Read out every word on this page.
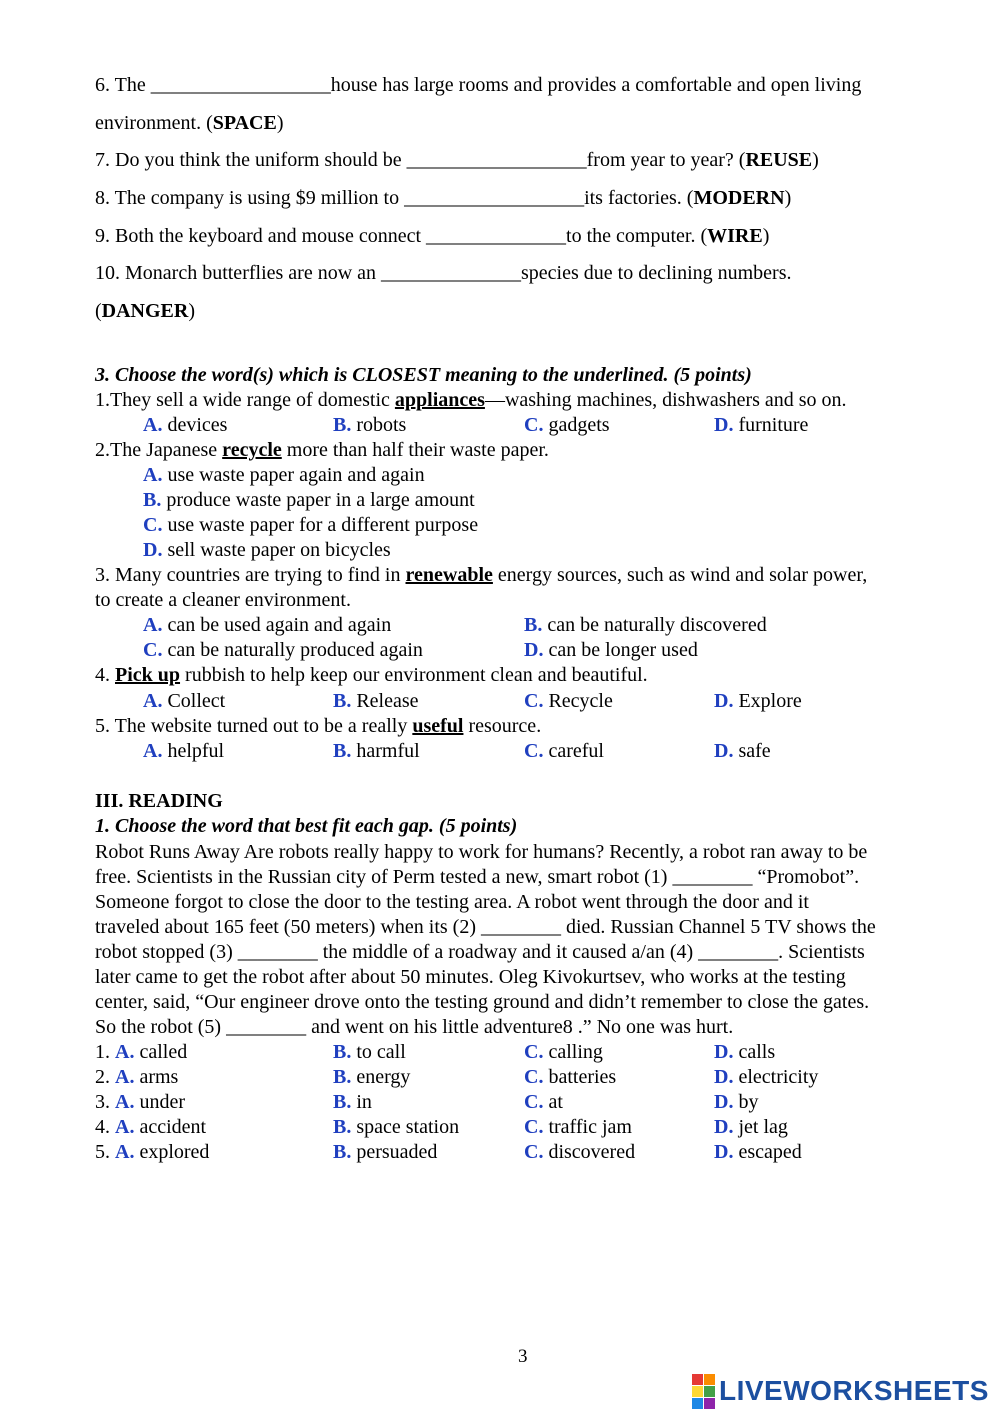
6. The __________________house has large rooms and provides a comfortable and open living
environment. (SPACE)
7. Do you think the uniform should be __________________from year to year? (REUSE)
8. The company is using $9 million to __________________its factories. (MODERN)
9. Both the keyboard and mouse connect ______________to the computer. (WIRE)
10. Monarch butterflies are now an ______________species due to declining numbers.
(DANGER)
3. Choose the word(s) which is CLOSEST meaning to the underlined. (5 points)
1.They sell a wide range of domestic appliances—washing machines, dishwashers and so on.
A. devices	B. robots	C. gadgets	D. furniture
2.The Japanese recycle more than half their waste paper.
A. use waste paper again and again
B. produce waste paper in a large amount
C. use waste paper for a different purpose
D. sell waste paper on bicycles
3. Many countries are trying to find in renewable energy sources, such as wind and solar power,
to create a cleaner environment.
A. can be used again and again	B. can be naturally discovered
C. can be naturally produced again	D. can be longer used
4. Pick up rubbish to help keep our environment clean and beautiful.
A. Collect	B. Release	C. Recycle	D. Explore
5. The website turned out to be a really useful resource.
A. helpful	B. harmful	C. careful	D. safe
III. READING
1. Choose the word that best fit each gap. (5 points)
Robot Runs Away Are robots really happy to work for humans? Recently, a robot ran away to be
free. Scientists in the Russian city of Perm tested a new, smart robot (1) ________ “Promobot”.
Someone forgot to close the door to the testing area. A robot went through the door and it
traveled about 165 feet (50 meters) when its (2) ________ died. Russian Channel 5 TV shows the
robot stopped (3) ________ the middle of a roadway and it caused a/an (4) ________. Scientists
later came to get the robot after about 50 minutes. Oleg Kivokurtsev, who works at the testing
center, said, “Our engineer drove onto the testing ground and didn’t remember to close the gates.
So the robot (5) ________ and went on his little adventure8 .” No one was hurt.
1. A. called	B. to call	C. calling	D. calls
2. A. arms	B. energy	C. batteries	D. electricity
3. A. under	B. in	C. at	D. by
4. A. accident	B. space station	C. traffic jam	D. jet lag
5. A. explored	B. persuaded	C. discovered	D. escaped
3
LIVEWORKSHEETS
